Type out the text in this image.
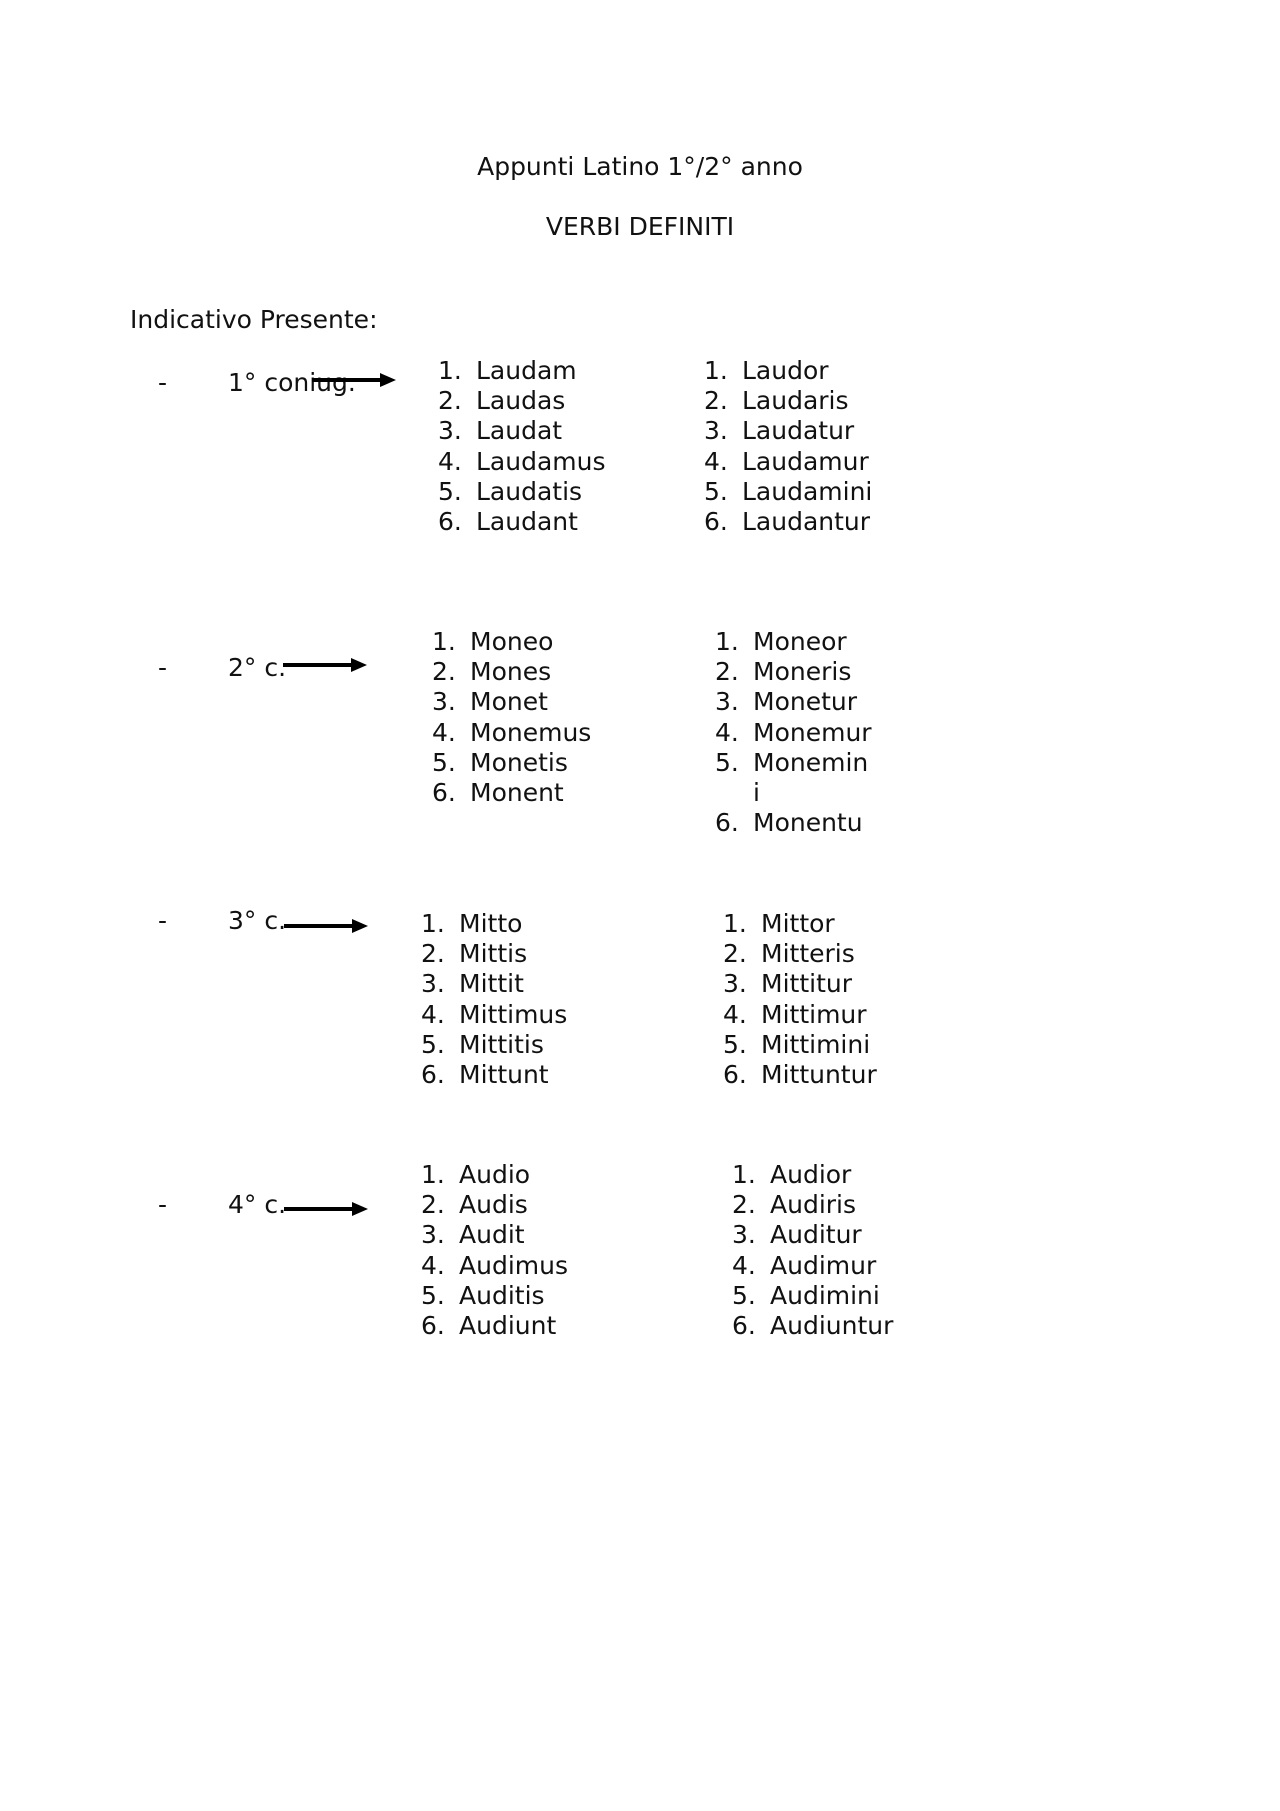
Appunti Latino 1°/2° anno
VERBI DEFINITI
Indicativo Presente:
- 1° coniug.	1. Laudam
2. Laudas
3. Laudat
4. Laudamus
5. Laudatis
6. Laudant
1. Laudor
2. Laudaris
3. Laudatur
4. Laudamur
5. Laudamini
6. Laudantur
- 2° c.
1. Moneo
2. Mones
3. Monet
4. Monemus
5. Monetis
6. Monent
1. Moneor
2. Moneris
3. Monetur
4. Monemur
5. Monemin i
6. Monentu
- 3° c.	1. Mitto
2. Mittis
3. Mittit
4. Mittimus
5. Mittitis
6. Mittunt
1. Mittor
2. Mitteris
3. Mittitur
4. Mittimur
5. Mittimini
6. Mittuntur
- 4° c.
1. Audio
2. Audis
3. Audit
4. Audimus
5. Auditis
6. Audiunt
1. Audior
2. Audiris
3. Auditur
4. Audimur
5. Audimini
6. Audiuntur
